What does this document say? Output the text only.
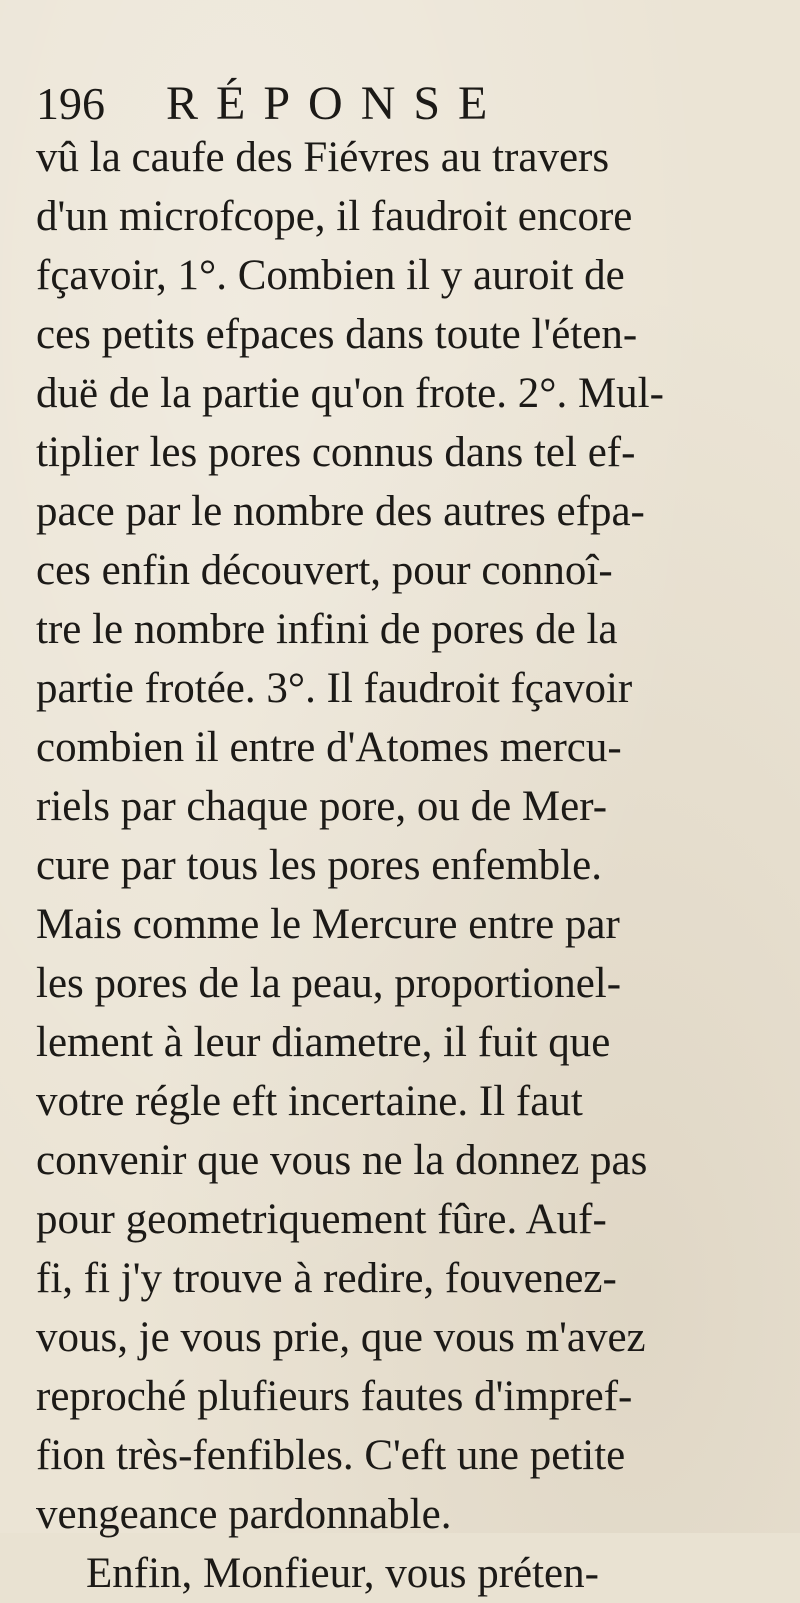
196 RÉPONSE
vû la caufe des Fiévres au travers
d'un microfcope, il faudroit encore
fçavoir, 1°. Combien il y auroit de
ces petits efpaces dans toute l'éten-
duë de la partie qu'on frote. 2°. Mul-
tiplier les pores connus dans tel ef-
pace par le nombre des autres efpa-
ces enfin découvert, pour connoî-
tre le nombre infini de pores de la
partie frotée. 3°. Il faudroit fçavoir
combien il entre d'Atomes mercu-
riels par chaque pore, ou de Mer-
cure par tous les pores enfemble.
Mais comme le Mercure entre par
les pores de la peau, proportionel-
lement à leur diametre, il fuit que
votre régle eft incertaine. Il faut
convenir que vous ne la donnez pas
pour geometriquement fûre. Auf-
fi, fi j'y trouve à redire, fouvenez-
vous, je vous prie, que vous m'avez
reproché plufieurs fautes d'impref-
fion très-fenfibles. C'eft une petite
vengeance pardonnable.
Enfin, Monfieur, vous préten-
